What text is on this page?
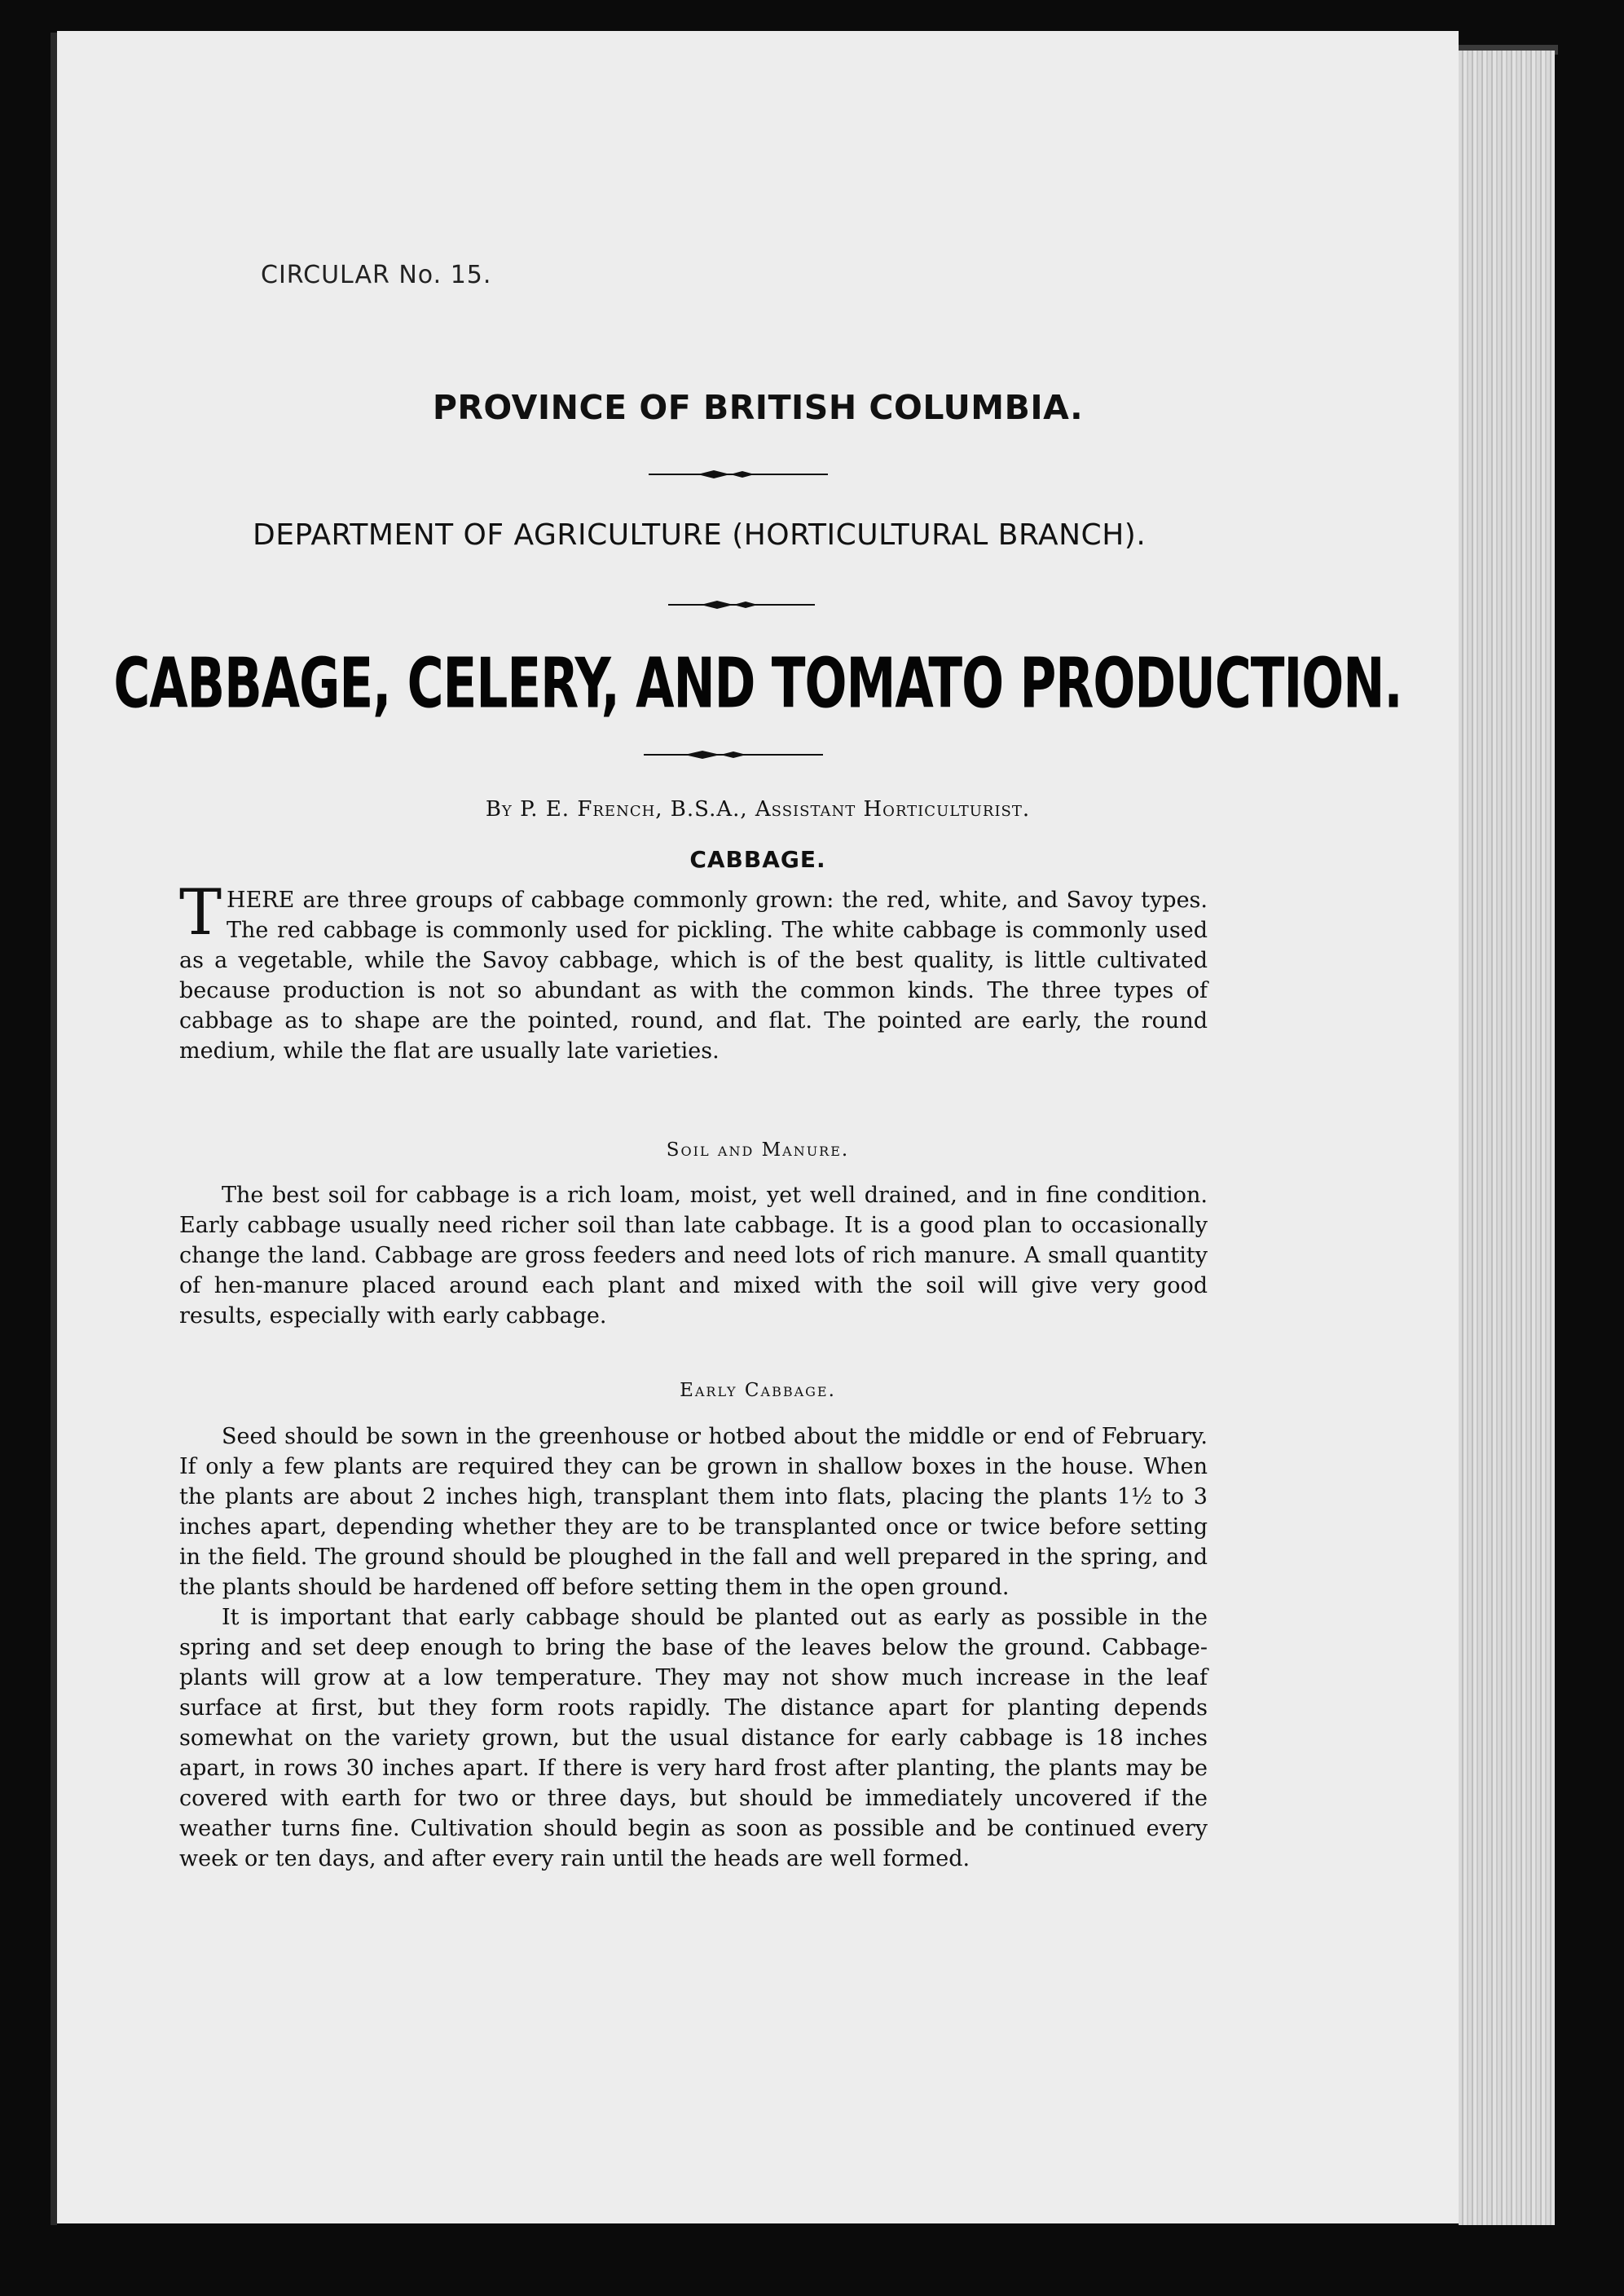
CIRCULAR No. 15.
PROVINCE OF BRITISH COLUMBIA.
DEPARTMENT OF AGRICULTURE (HORTICULTURAL BRANCH).
CABBAGE, CELERY, AND TOMATO PRODUCTION.
By P. E. French, B.S.A., Assistant Horticulturist.
CABBAGE.
THERE are three groups of cabbage commonly grown: the red, white, and Savoy types. The red cabbage is commonly used for pickling. The white cabbage is commonly used as a vegetable, while the Savoy cabbage, which is of the best quality, is little cultivated because production is not so abundant as with the common kinds. The three types of cabbage as to shape are the pointed, round, and flat. The pointed are early, the round medium, while the flat are usually late varieties.
Soil and Manure.
The best soil for cabbage is a rich loam, moist, yet well drained, and in fine condition. Early cabbage usually need richer soil than late cabbage. It is a good plan to occasionally change the land. Cabbage are gross feeders and need lots of rich manure. A small quantity of hen-manure placed around each plant and mixed with the soil will give very good results, especially with early cabbage.
Early Cabbage.

Seed should be sown in the greenhouse or hotbed about the middle or end of February. If only a few plants are required they can be grown in shallow boxes in the house. When the plants are about 2 inches high, transplant them into flats, placing the plants 1½ to 3 inches apart, depending whether they are to be transplanted once or twice before setting in the field. The ground should be ploughed in the fall and well prepared in the spring, and the plants should be hardened off before setting them in the open ground.

It is important that early cabbage should be planted out as early as possible in the spring and set deep enough to bring the base of the leaves below the ground. Cabbage-plants will grow at a low temperature. They may not show much increase in the leaf surface at first, but they form roots rapidly. The distance apart for planting depends somewhat on the variety grown, but the usual distance for early cabbage is 18 inches apart, in rows 30 inches apart. If there is very hard frost after planting, the plants may be covered with earth for two or three days, but should be immediately uncovered if the weather turns fine. Cultivation should begin as soon as possible and be continued every week or ten days, and after every rain until the heads are well formed.
